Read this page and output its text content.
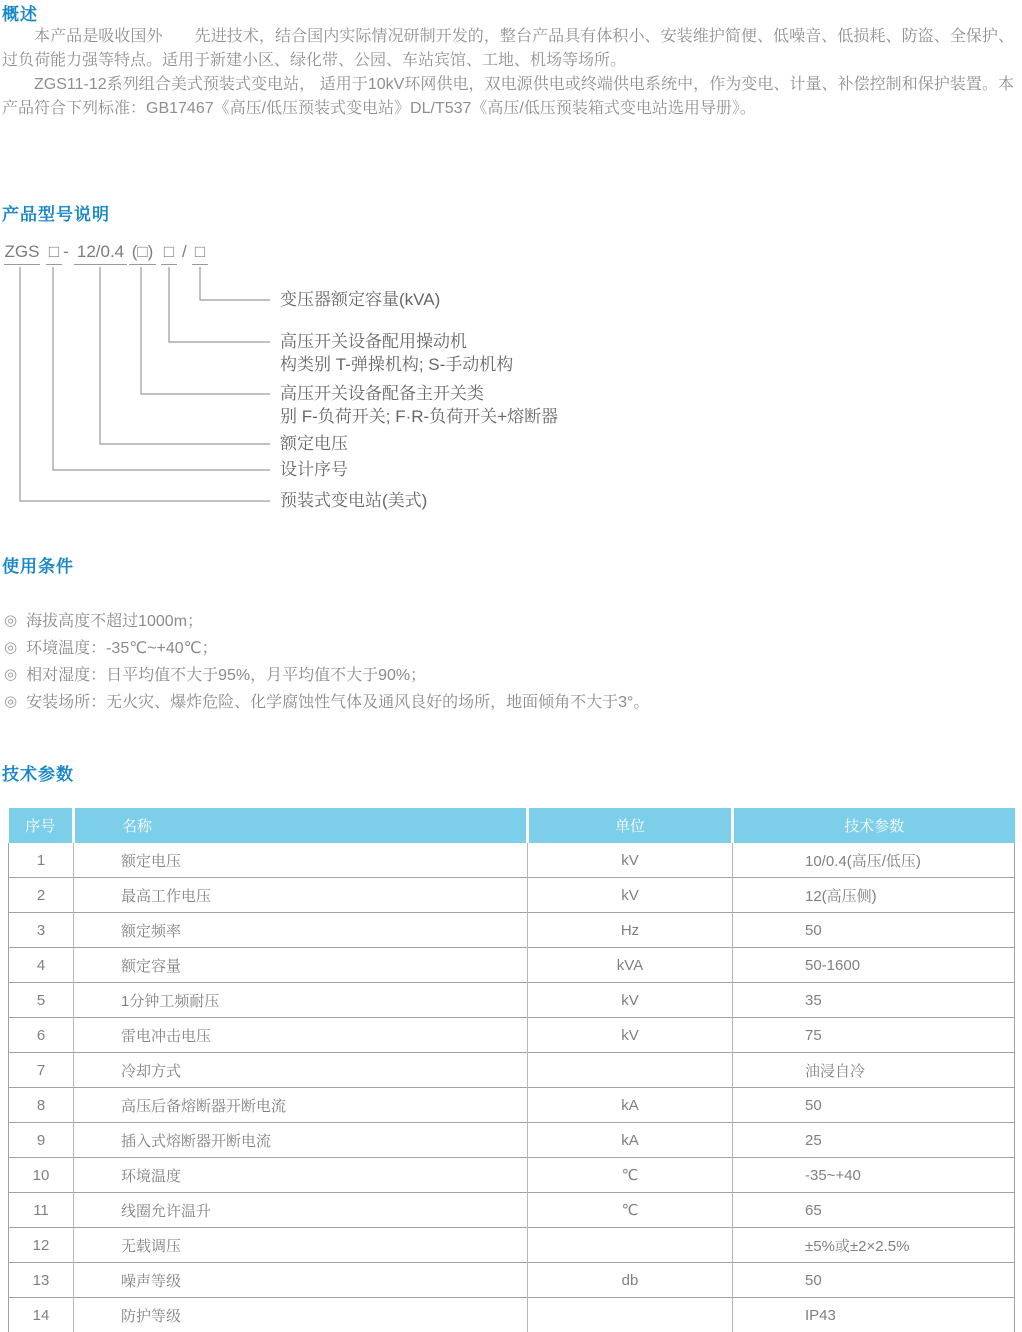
概述

本产品是吸收国外　　先进技术，结合国内实际情况研制开发的，整台产品具有体积小、安装维护简便、低噪音、低损耗、防盗、全保护、过负荷能力强等特点。适用于新建小区、绿化带、公园、车站宾馆、工地、机场等场所。

ZGS11-12系列组合美式预装式变电站， 适用于10kV环网供电，双电源供电或终端供电系统中，作为变电、计量、补偿控制和保护装置。本产品符合下列标准：GB17467《高压/低压预装式变电站》DL/T537《高压/低压预装箱式变电站选用导册》。

产品型号说明
ZGS □ - 12/0.4 (□) □ / □
变压器额定容量(kVA)
高压开关设备配用操动机
构类别 T-弹操机构; S-手动机构
高压开关设备配备主开关类
别 F-负荷开关; F·R-负荷开关+熔断器
额定电压
设计序号
预装式变电站(美式)
使用条件
◎ 海拔高度不超过1000m；
◎ 环境温度：-35℃~+40℃；
◎ 相对湿度：日平均值不大于95%，月平均值不大于90%；
◎ 安装场所：无火灾、爆炸危险、化学腐蚀性气体及通风良好的场所，地面倾角不大于3°。
技术参数
序号	名称	单位	技术参数
1	额定电压	kV	10/0.4(高压/低压)
2	最高工作电压	kV	12(高压侧)
3	额定频率	Hz	50
4	额定容量	kVA	50-1600
5	1分钟工频耐压	kV	35
6	雷电冲击电压	kV	75
7	冷却方式		油浸自冷
8	高压后备熔断器开断电流	kA	50
9	插入式熔断器开断电流	kA	25
10	环境温度	℃	-35~+40
11	线圈允许温升	℃	65
12	无载调压		±5%或±2×2.5%
13	噪声等级	db	50
14	防护等级		IP43
